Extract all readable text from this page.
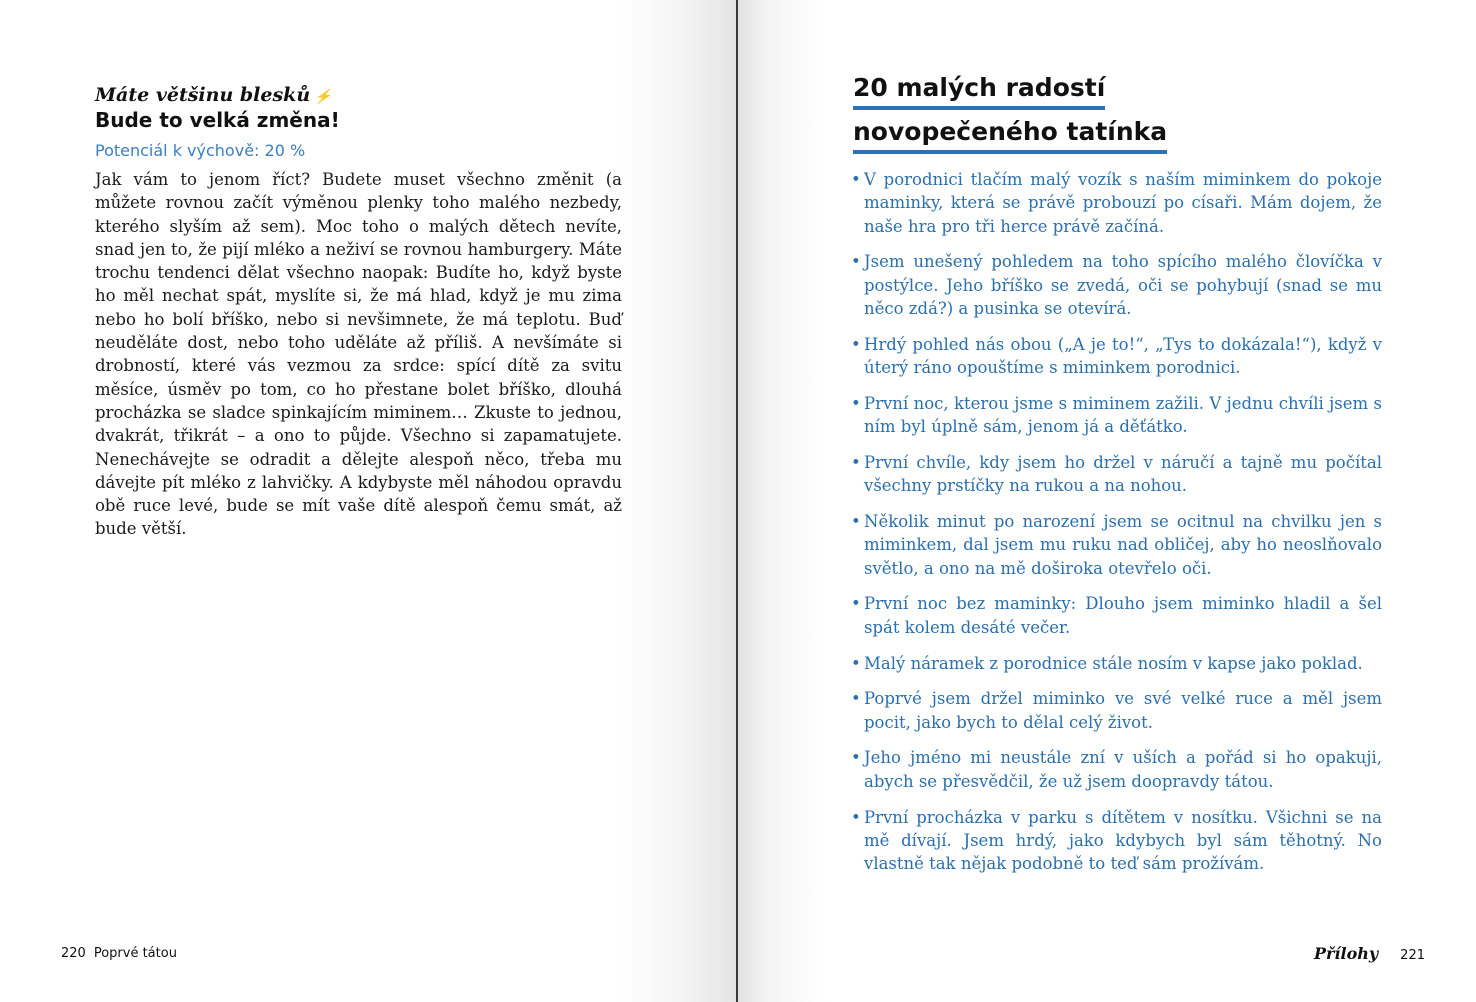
Máte většinu blesků ⚡
Bude to velká změna!
Potenciál k výchově: 20 %
Jak vám to jenom říct? Budete muset všechno změnit (a můžete rovnou začít výměnou plenky toho malého nezbedy, kterého slyším až sem). Moc toho o malých dětech nevíte, snad jen to, že pijí mléko a neživí se rovnou hamburgery. Máte trochu tendenci dělat všechno naopak: Budíte ho, když byste ho měl nechat spát, myslíte si, že má hlad, když je mu zima nebo ho bolí bříško, nebo si nevšimnete, že má teplotu. Buď neuděláte dost, nebo toho uděláte až příliš. A nevšímáte si drobností, které vás vezmou za srdce: spící dítě za svitu měsíce, úsměv po tom, co ho přestane bolet bříško, dlouhá procházka se sladce spinkajícím miminem… Zkuste to jednou, dvakrát, třikrát – a ono to půjde. Všechno si zapamatujete. Nenechávejte se odradit a dělejte alespoň něco, třeba mu dávejte pít mléko z lahvičky. A kdybyste měl náhodou opravdu obě ruce levé, bude se mít vaše dítě alespoň čemu smát, až bude větší.
220 Poprvé tátou
20 malých radostí
novopečeného tatínka
• V porodnici tlačím malý vozík s naším miminkem do pokoje maminky, která se právě probouzí po císaři. Mám dojem, že naše hra pro tři herce právě začíná.
• Jsem unešený pohledem na toho spícího malého človíčka v postýlce. Jeho bříško se zvedá, oči se pohybují (snad se mu něco zdá?) a pusinka se otevírá.
• Hrdý pohled nás obou („A je to!“, „Tys to dokázala!“), když v úterý ráno opouštíme s miminkem porodnici.
• První noc, kterou jsme s miminem zažili. V jednu chvíli jsem s ním byl úplně sám, jenom já a děťátko.
• První chvíle, kdy jsem ho držel v náručí a tajně mu počítal všechny prstíčky na rukou a na nohou.
• Několik minut po narození jsem se ocitnul na chvilku jen s miminkem, dal jsem mu ruku nad obličej, aby ho neoslňovalo světlo, a ono na mě doširoka otevřelo oči.
• První noc bez maminky: Dlouho jsem miminko hladil a šel spát kolem desáté večer.
• Malý náramek z porodnice stále nosím v kapse jako poklad.
• Poprvé jsem držel miminko ve své velké ruce a měl jsem pocit, jako bych to dělal celý život.
• Jeho jméno mi neustále zní v uších a pořád si ho opakuji, abych se přesvědčil, že už jsem doopravdy tátou.
• První procházka v parku s dítětem v nosítku. Všichni se na mě dívají. Jsem hrdý, jako kdybych byl sám těhotný. No vlastně tak nějak podobně to teď sám prožívám.
Přílohy 221
